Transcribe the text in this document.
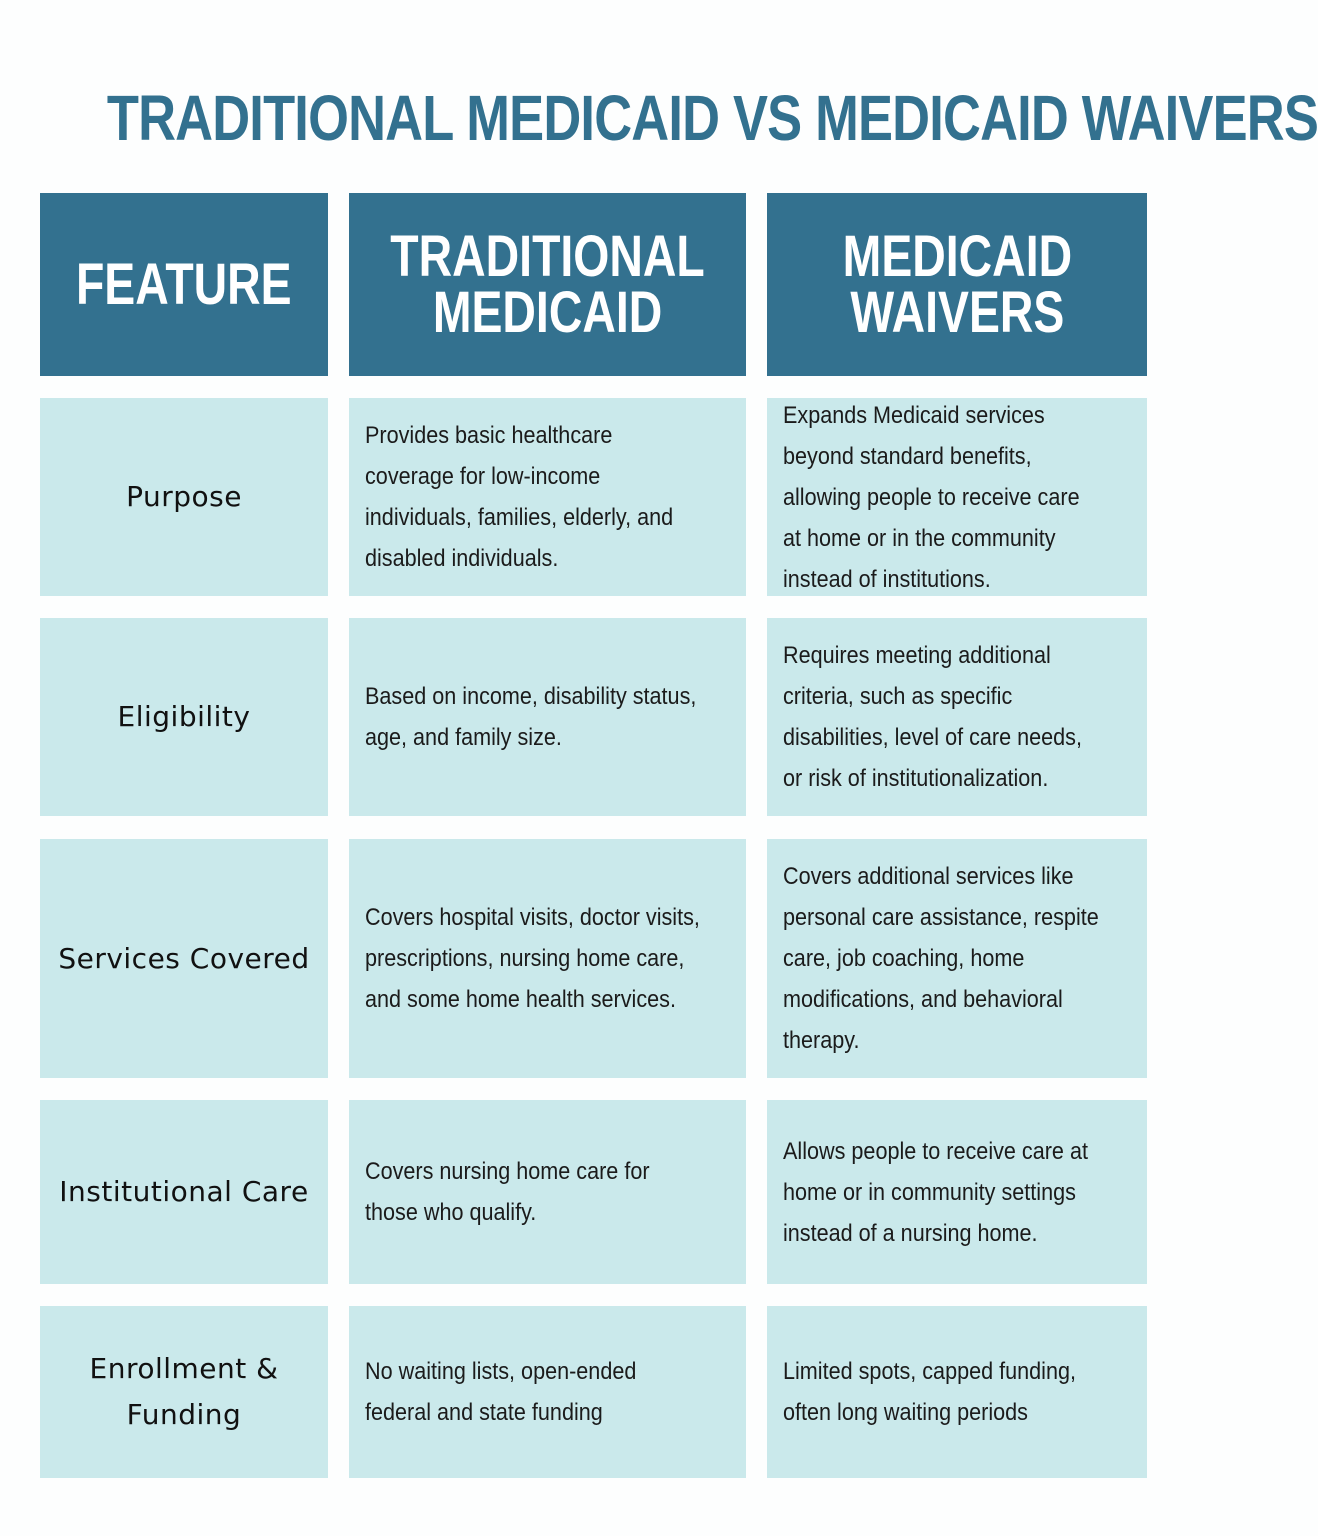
TRADITIONAL MEDICAID VS MEDICAID WAIVERS
FEATURE TRADITIONAL
MEDICAID
MEDICAID
WAIVERS
Purpose
Provides basic healthcare coverage for low-income individuals, families, elderly, and disabled individuals.
Expands Medicaid services beyond standard benefits, allowing people to receive care at home or in the community instead of institutions.
Eligibility
Based on income, disability status, age, and family size.
Requires meeting additional criteria, such as specific disabilities, level of care needs, or risk of institutionalization.
Services Covered
Covers hospital visits, doctor visits, prescriptions, nursing home care, and some home health services.
Covers additional services like personal care assistance, respite care, job coaching, home modifications, and behavioral therapy.
Institutional Care
Covers nursing home care for those who qualify.
Allows people to receive care at home or in community settings instead of a nursing home.
Enrollment &
Funding
No waiting lists, open-ended federal and state funding
Limited spots, capped funding, often long waiting periods
